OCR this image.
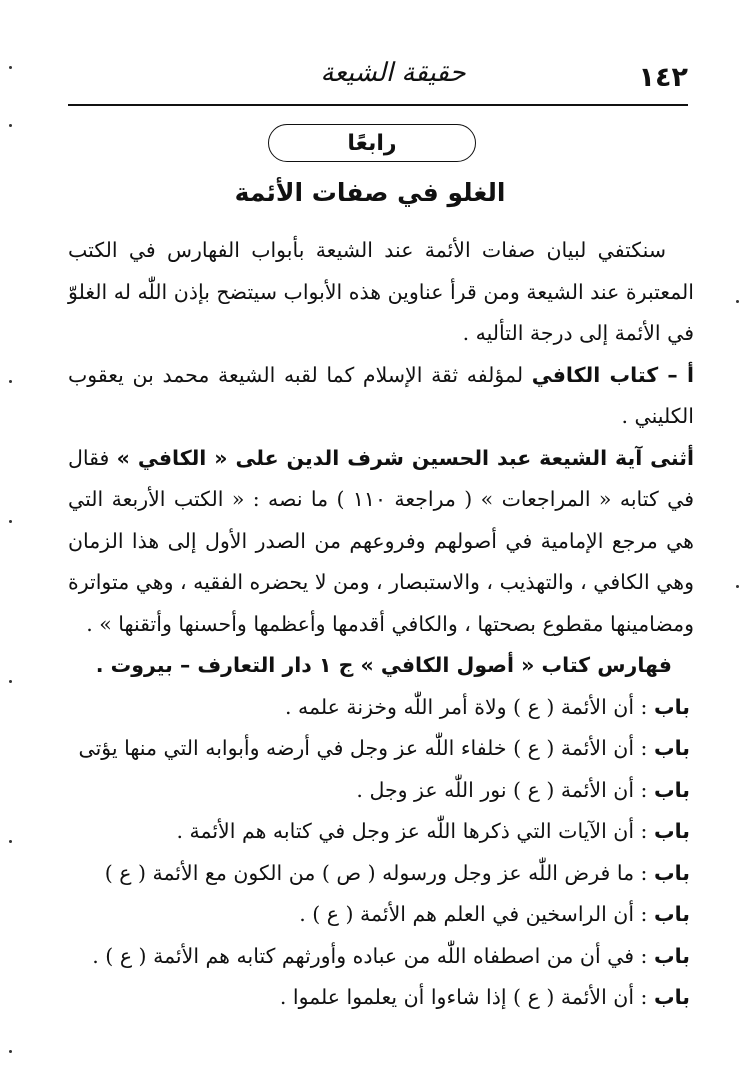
١٤٢
حقيقة الشيعة
رابعًا
الغلو في صفات الأئمة

سنكتفي لبيان صفات الأئمة عند الشيعة بأبواب الفهارس في الكتب المعتبرة عند الشيعة ومن قرأ عناوين هذه الأبواب سيتضح بإذن اللّٰه له الغلوّ في الأئمة إلى درجة التأليه .

أ – كتاب الكافي لمؤلفه ثقة الإسلام كما لقبه الشيعة محمد بن يعقوب الكليني .

أثنى آية الشيعة عبد الحسين شرف الدين على « الكافي » فقال في كتابه « المراجعات » ( مراجعة ١١٠ ) ما نصه : « الكتب الأربعة التي هي مرجع الإمامية في أصولهم وفروعهم من الصدر الأول إلى هذا الزمان وهي الكافي ، والتهذيب ، والاستبصار ، ومن لا يحضره الفقيه ، وهي متواترة ومضامينها مقطوع بصحتها ، والكافي أقدمها وأعظمها وأحسنها وأتقنها » .

فهارس كتاب « أصول الكافي » ج ١ دار التعارف – بيروت .

باب : أن الأئمة ( ع ) ولاة أمر اللّٰه وخزنة علمه .

باب : أن الأئمة ( ع ) خلفاء اللّٰه عز وجل في أرضه وأبوابه التي منها يؤتى

باب : أن الأئمة ( ع ) نور اللّٰه عز وجل .

باب : أن الآيات التي ذكرها اللّٰه عز وجل في كتابه هم الأئمة .

باب : ما فرض اللّٰه عز وجل ورسوله ( ص ) من الكون مع الأئمة ( ع )

باب : أن الراسخين في العلم هم الأئمة ( ع ) .

باب : في أن من اصطفاه اللّٰه من عباده وأورثهم كتابه هم الأئمة ( ع ) .

باب : أن الأئمة ( ع ) إذا شاءوا أن يعلموا علموا .
